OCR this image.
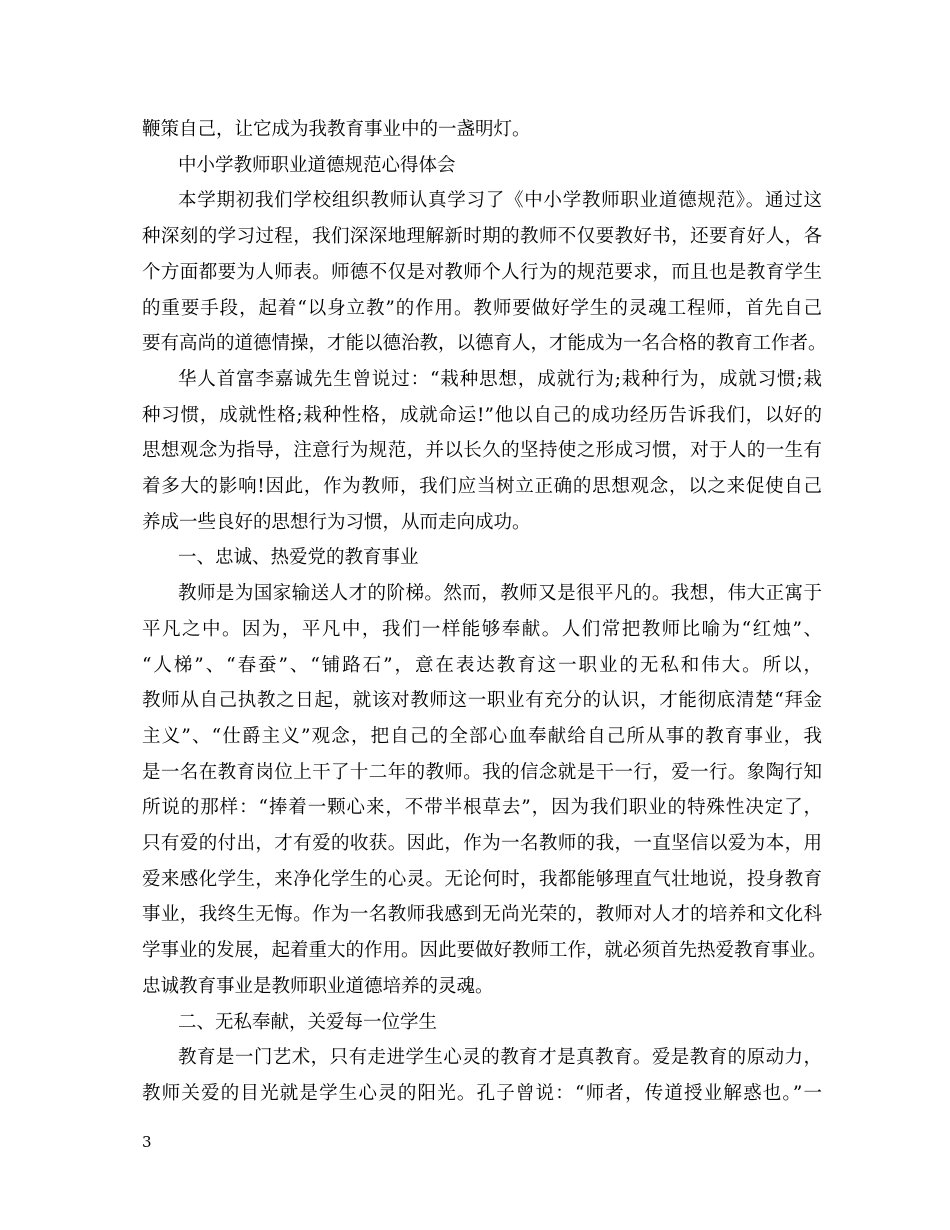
鞭策自己，让它成为我教育事业中的一盏明灯。
中小学教师职业道德规范心得体会
本学期初我们学校组织教师认真学习了《中小学教师职业道德规范》。通过这
种深刻的学习过程，我们深深地理解新时期的教师不仅要教好书，还要育好人，各
个方面都要为人师表。师德不仅是对教师个人行为的规范要求，而且也是教育学生
的重要手段，起着“以身立教”的作用。教师要做好学生的灵魂工程师，首先自己
要有高尚的道德情操，才能以德治教，以德育人，才能成为一名合格的教育工作者。
华人首富李嘉诚先生曾说过：“栽种思想，成就行为;栽种行为，成就习惯;栽
种习惯，成就性格;栽种性格，成就命运!”他以自己的成功经历告诉我们，以好的
思想观念为指导，注意行为规范，并以长久的坚持使之形成习惯，对于人的一生有
着多大的影响!因此，作为教师，我们应当树立正确的思想观念，以之来促使自己
养成一些良好的思想行为习惯，从而走向成功。
一、忠诚、热爱党的教育事业
教师是为国家输送人才的阶梯。然而，教师又是很平凡的。我想，伟大正寓于
平凡之中。因为，平凡中，我们一样能够奉献。人们常把教师比喻为“红烛”、
“人梯”、“春蚕”、“铺路石”，意在表达教育这一职业的无私和伟大。所以，
教师从自己执教之日起，就该对教师这一职业有充分的认识，才能彻底清楚“拜金
主义”、“仕爵主义”观念，把自己的全部心血奉献给自己所从事的教育事业，我
是一名在教育岗位上干了十二年的教师。我的信念就是干一行，爱一行。象陶行知
所说的那样：“捧着一颗心来，不带半根草去”，因为我们职业的特殊性决定了，
只有爱的付出，才有爱的收获。因此，作为一名教师的我，一直坚信以爱为本，用
爱来感化学生，来净化学生的心灵。无论何时，我都能够理直气壮地说，投身教育
事业，我终生无悔。作为一名教师我感到无尚光荣的，教师对人才的培养和文化科
学事业的发展，起着重大的作用。因此要做好教师工作，就必须首先热爱教育事业。
忠诚教育事业是教师职业道德培养的灵魂。
二、无私奉献，关爱每一位学生
教育是一门艺术，只有走进学生心灵的教育才是真教育。爱是教育的原动力，
教师关爱的目光就是学生心灵的阳光。孔子曾说：“师者，传道授业解惑也。”一
3
